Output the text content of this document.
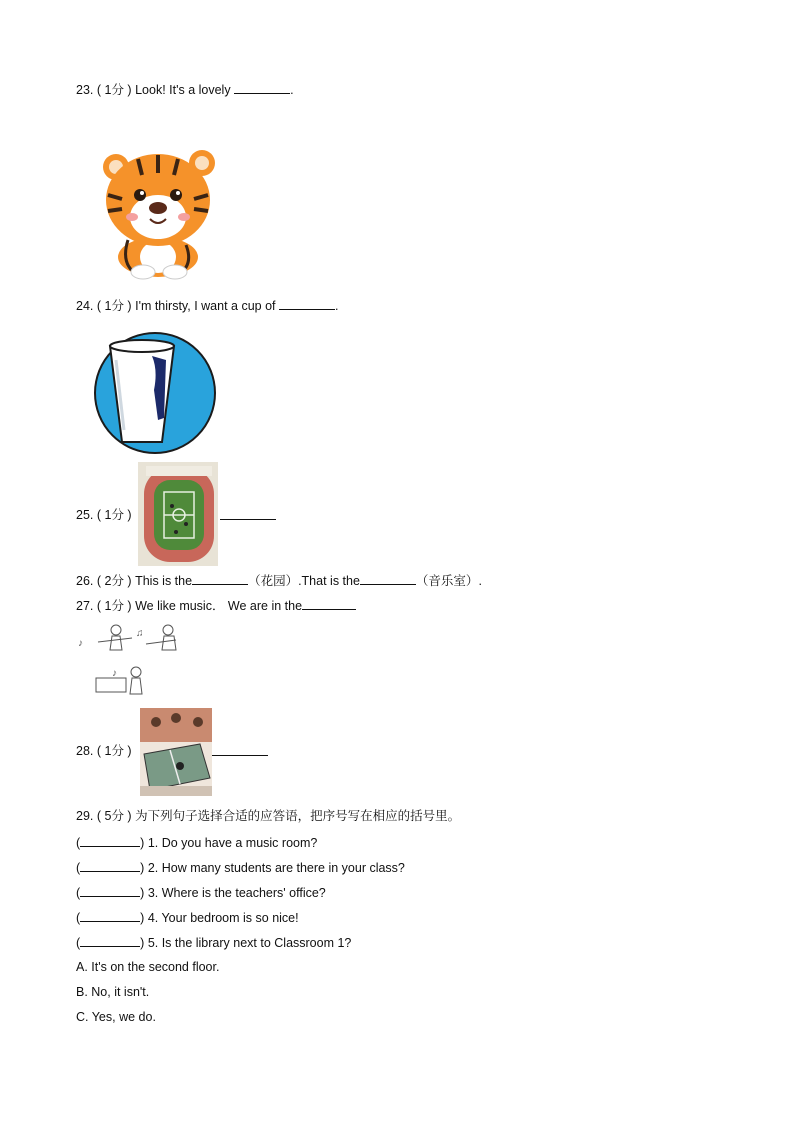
23. ( 1分 ) Look! It's a lovely	.
24. ( 1分 ) I'm thirsty, I want a cup of	.
25. ( 1分 )
26. ( 2分 ) This is the	（花园）.That is the	（音乐室）.
27. ( 1分 ) We like music． We are in the
♪
♫
♪
28. ( 1分 )
29. ( 5分 ) 为下列句子选择合适的应答语，把序号写在相应的括号里。
(	) 1. Do you have a music room?
(	) 2. How many students are there in your class?
(	) 3. Where is the teachers' office?
(	) 4. Your bedroom is so nice!
(	) 5. Is the library next to Classroom 1?
A. It's on the second floor.
B. No, it isn't.
C. Yes, we do.
